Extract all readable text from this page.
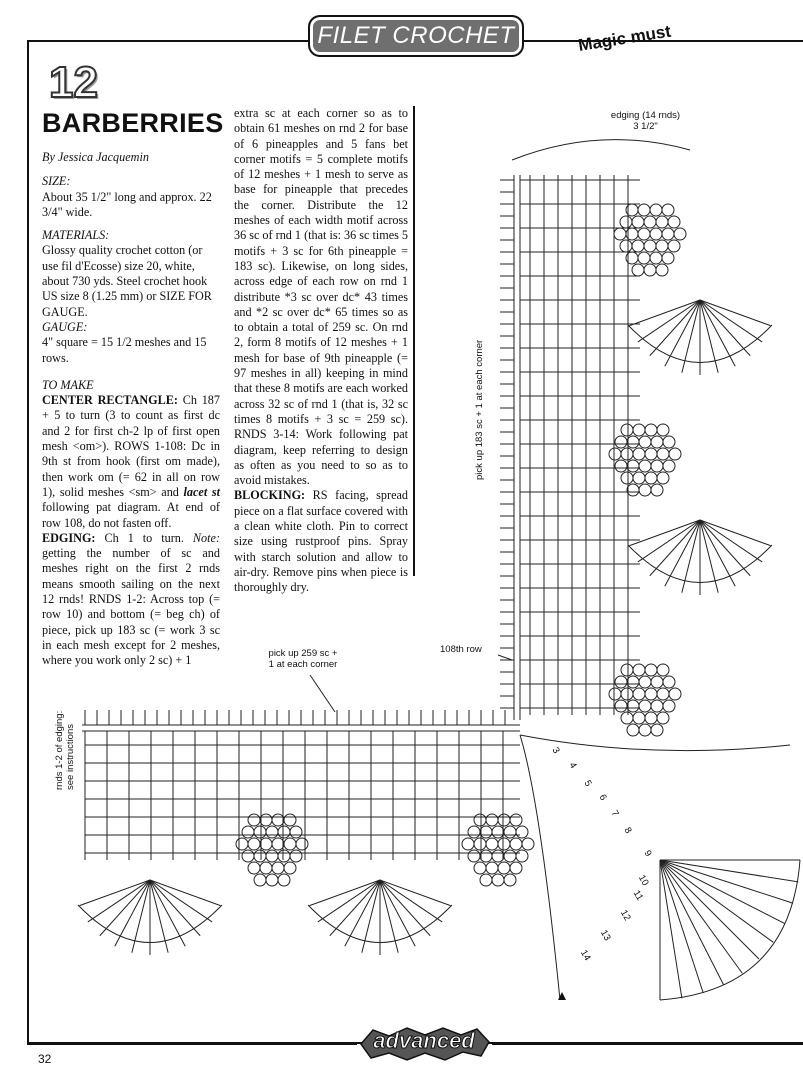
FILET CROCHET	Magic must
12
BARBERRIES

By Jessica Jacquemin

SIZE:

About 35 1/2" long and approx. 22 3/4" wide.

MATERIALS:

Glossy quality crochet cotton (or use fil d'Ecosse) size 20, white, about 730 yds. Steel crochet hook US size 8 (1.25 mm) or SIZE FOR GAUGE.

GAUGE:

4" square = 15 1/2 meshes and 15 rows.

TO MAKE

CENTER RECTANGLE: Ch 187 + 5 to turn (3 to count as first dc and 2 for first ch-2 lp of first open mesh <om>). ROWS 1-108: Dc in 9th st from hook (first om made), then work om (= 62 in all on row 1), solid meshes <sm> and lacet st following pat diagram. At end of row 108, do not fasten off.

EDGING: Ch 1 to turn. Note: getting the number of sc and meshes right on the first 2 rnds means smooth sailing on the next 12 rnds! RNDS 1-2: Across top (= row 10) and bottom (= beg ch) of piece, pick up 183 sc (= work 3 sc in each mesh except for 2 meshes, where you work only 2 sc) + 1

extra sc at each corner so as to obtain 61 meshes on rnd 2 for base of 6 pineapples and 5 fans bet corner motifs = 5 complete motifs of 12 meshes + 1 mesh to serve as base for pineapple that precedes the corner. Distribute the 12 meshes of each width motif across 36 sc of rnd 1 (that is: 36 sc times 5 motifs + 3 sc for 6th pineapple = 183 sc). Likewise, on long sides, across edge of each row on rnd 1 distribute *3 sc over dc* 43 times and *2 sc over dc* 65 times so as to obtain a total of 259 sc. On rnd 2, form 8 motifs of 12 meshes + 1 mesh for base of 9th pineapple (= 97 meshes in all) keeping in mind that these 8 motifs are each worked across 32 sc of rnd 1 (that is, 32 sc times 8 motifs + 3 sc = 259 sc). RNDS 3-14: Work following pat diagram, keep referring to design as often as you need to so as to avoid mistakes.

BLOCKING: RS facing, spread piece on a flat surface covered with a clean white cloth. Pin to correct size using rustproof pins. Spray with starch solution and allow to air-dry. Remove pins when piece is thoroughly dry.

edging (14 rnds)
3 1/2"
pick up 183 sc + 1 at each corner
pick up 259 sc +
1 at each corner
108th row
rnds 1-2 of edging: see instructions	3
4
5
6
7
8
9
10
11
12
13
14
advanced
32
